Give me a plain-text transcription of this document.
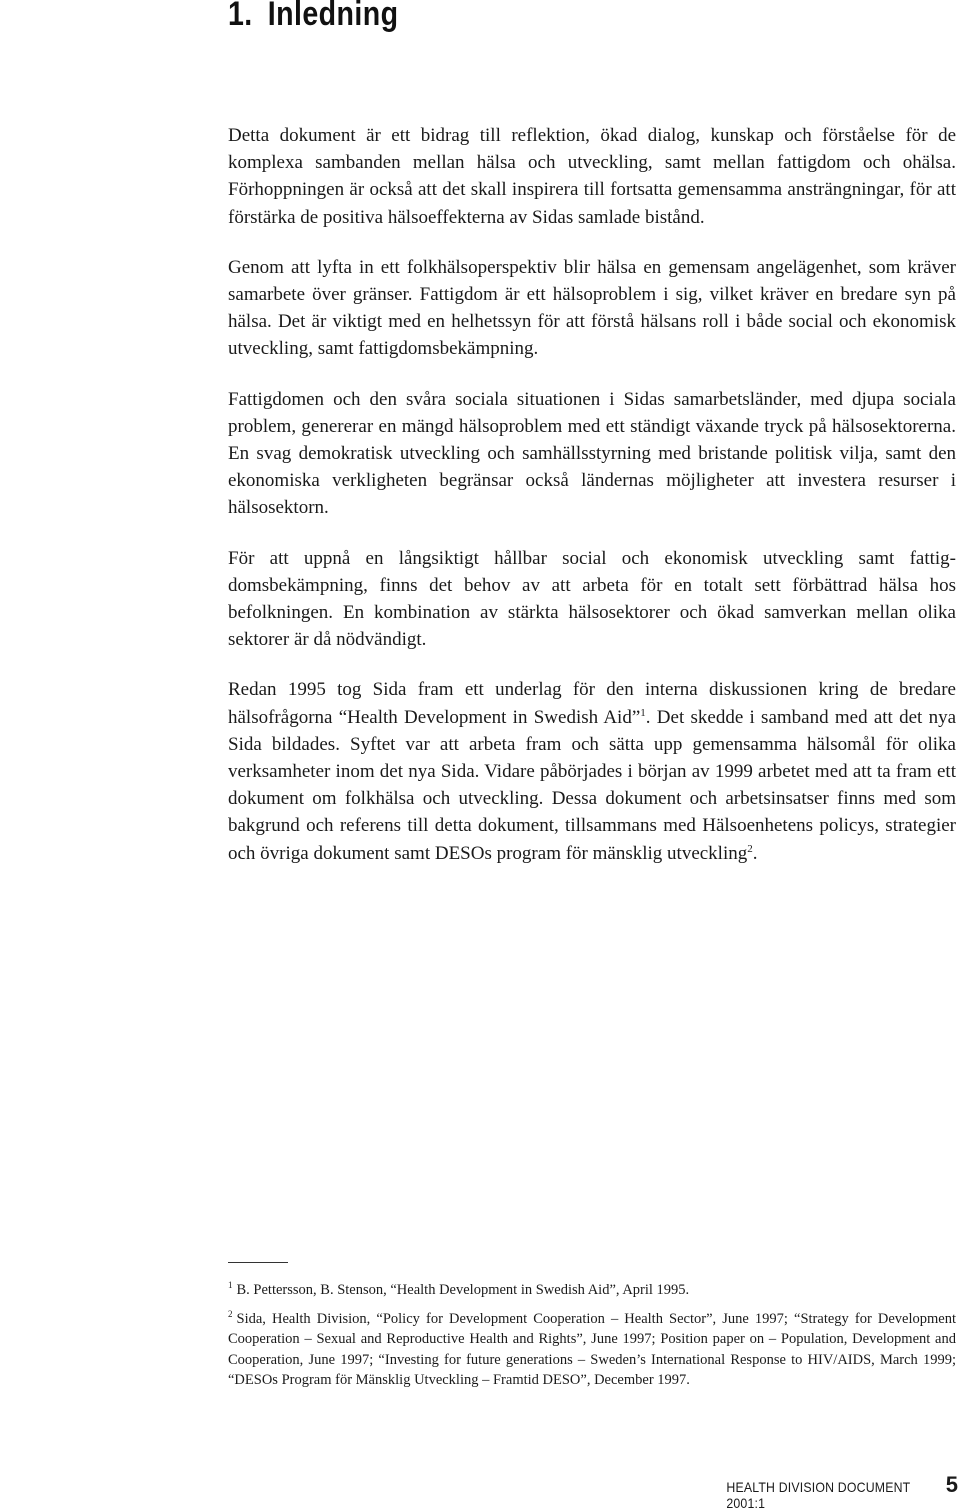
1. Inledning

Detta dokument är ett bidrag till reflektion, ökad dialog, kunskap och förståelse för de komplexa sambanden mellan hälsa och utveckling, samt mellan fattigdom och ohälsa. Förhoppningen är också att det skall inspirera till fortsatta gemensamma ansträngningar, för att förstärka de positiva hälsoeffekterna av Sidas samlade bistånd.

Genom att lyfta in ett folkhälsoperspektiv blir hälsa en gemensam angelägenhet, som kräver samarbete över gränser. Fattigdom är ett hälsoproblem i sig, vilket kräver en bredare syn på hälsa. Det är viktigt med en helhetssyn för att förstå hälsans roll i både social och ekonomisk utveckling, samt fattigdomsbekämpning.

Fattigdomen och den svåra sociala situationen i Sidas samarbetsländer, med djupa sociala problem, genererar en mängd hälsoproblem med ett ständigt växande tryck på hälsosektorerna. En svag demokratisk utveckling och samhällsstyrning med bristande politisk vilja, samt den ekonomiska verkligheten begränsar också ländernas möjligheter att investera resurser i hälsosektorn.

För att uppnå en långsiktigt hållbar social och ekonomisk utveckling samt fattigdomsbekämpning, finns det behov av att arbeta för en totalt sett förbättrad hälsa hos befolkningen. En kombination av stärkta hälsosektorer och ökad samverkan mellan olika sektorer är då nödvändigt.

Redan 1995 tog Sida fram ett underlag för den interna diskussionen kring de bredare hälsofrågorna “Health Development in Swedish Aid”$^1$. Det skedde i samband med att det nya Sida bildades. Syftet var att arbeta fram och sätta upp gemensamma hälsomål för olika verksamheter inom det nya Sida. Vidare påbörjades i början av 1999 arbetet med att ta fram ett dokument om folkhälsa och utveckling. Dessa dokument och arbetsinsatser finns med som bakgrund och referens till detta dokument, tillsammans med Hälsoenhetens policys, strategier och övriga dokument samt DESOs program för mänsklig utveckling$^2$.

$^1$ B. Pettersson, B. Stenson, “Health Development in Swedish Aid”, April 1995.

$^2$ Sida, Health Division, “Policy for Development Cooperation – Health Sector”, June 1997; “Strategy for Development Cooperation – Sexual and Reproductive Health and Rights”, June 1997; Position paper on – Population, Development and Cooperation, June 1997; “Investing for future generations – Sweden’s International Response to HIV/AIDS, March 1999; “DESOs Program för Mänsklig Utveckling – Framtid DESO”, December 1997.

HEALTH DIVISION DOCUMENT 2001:1
5
